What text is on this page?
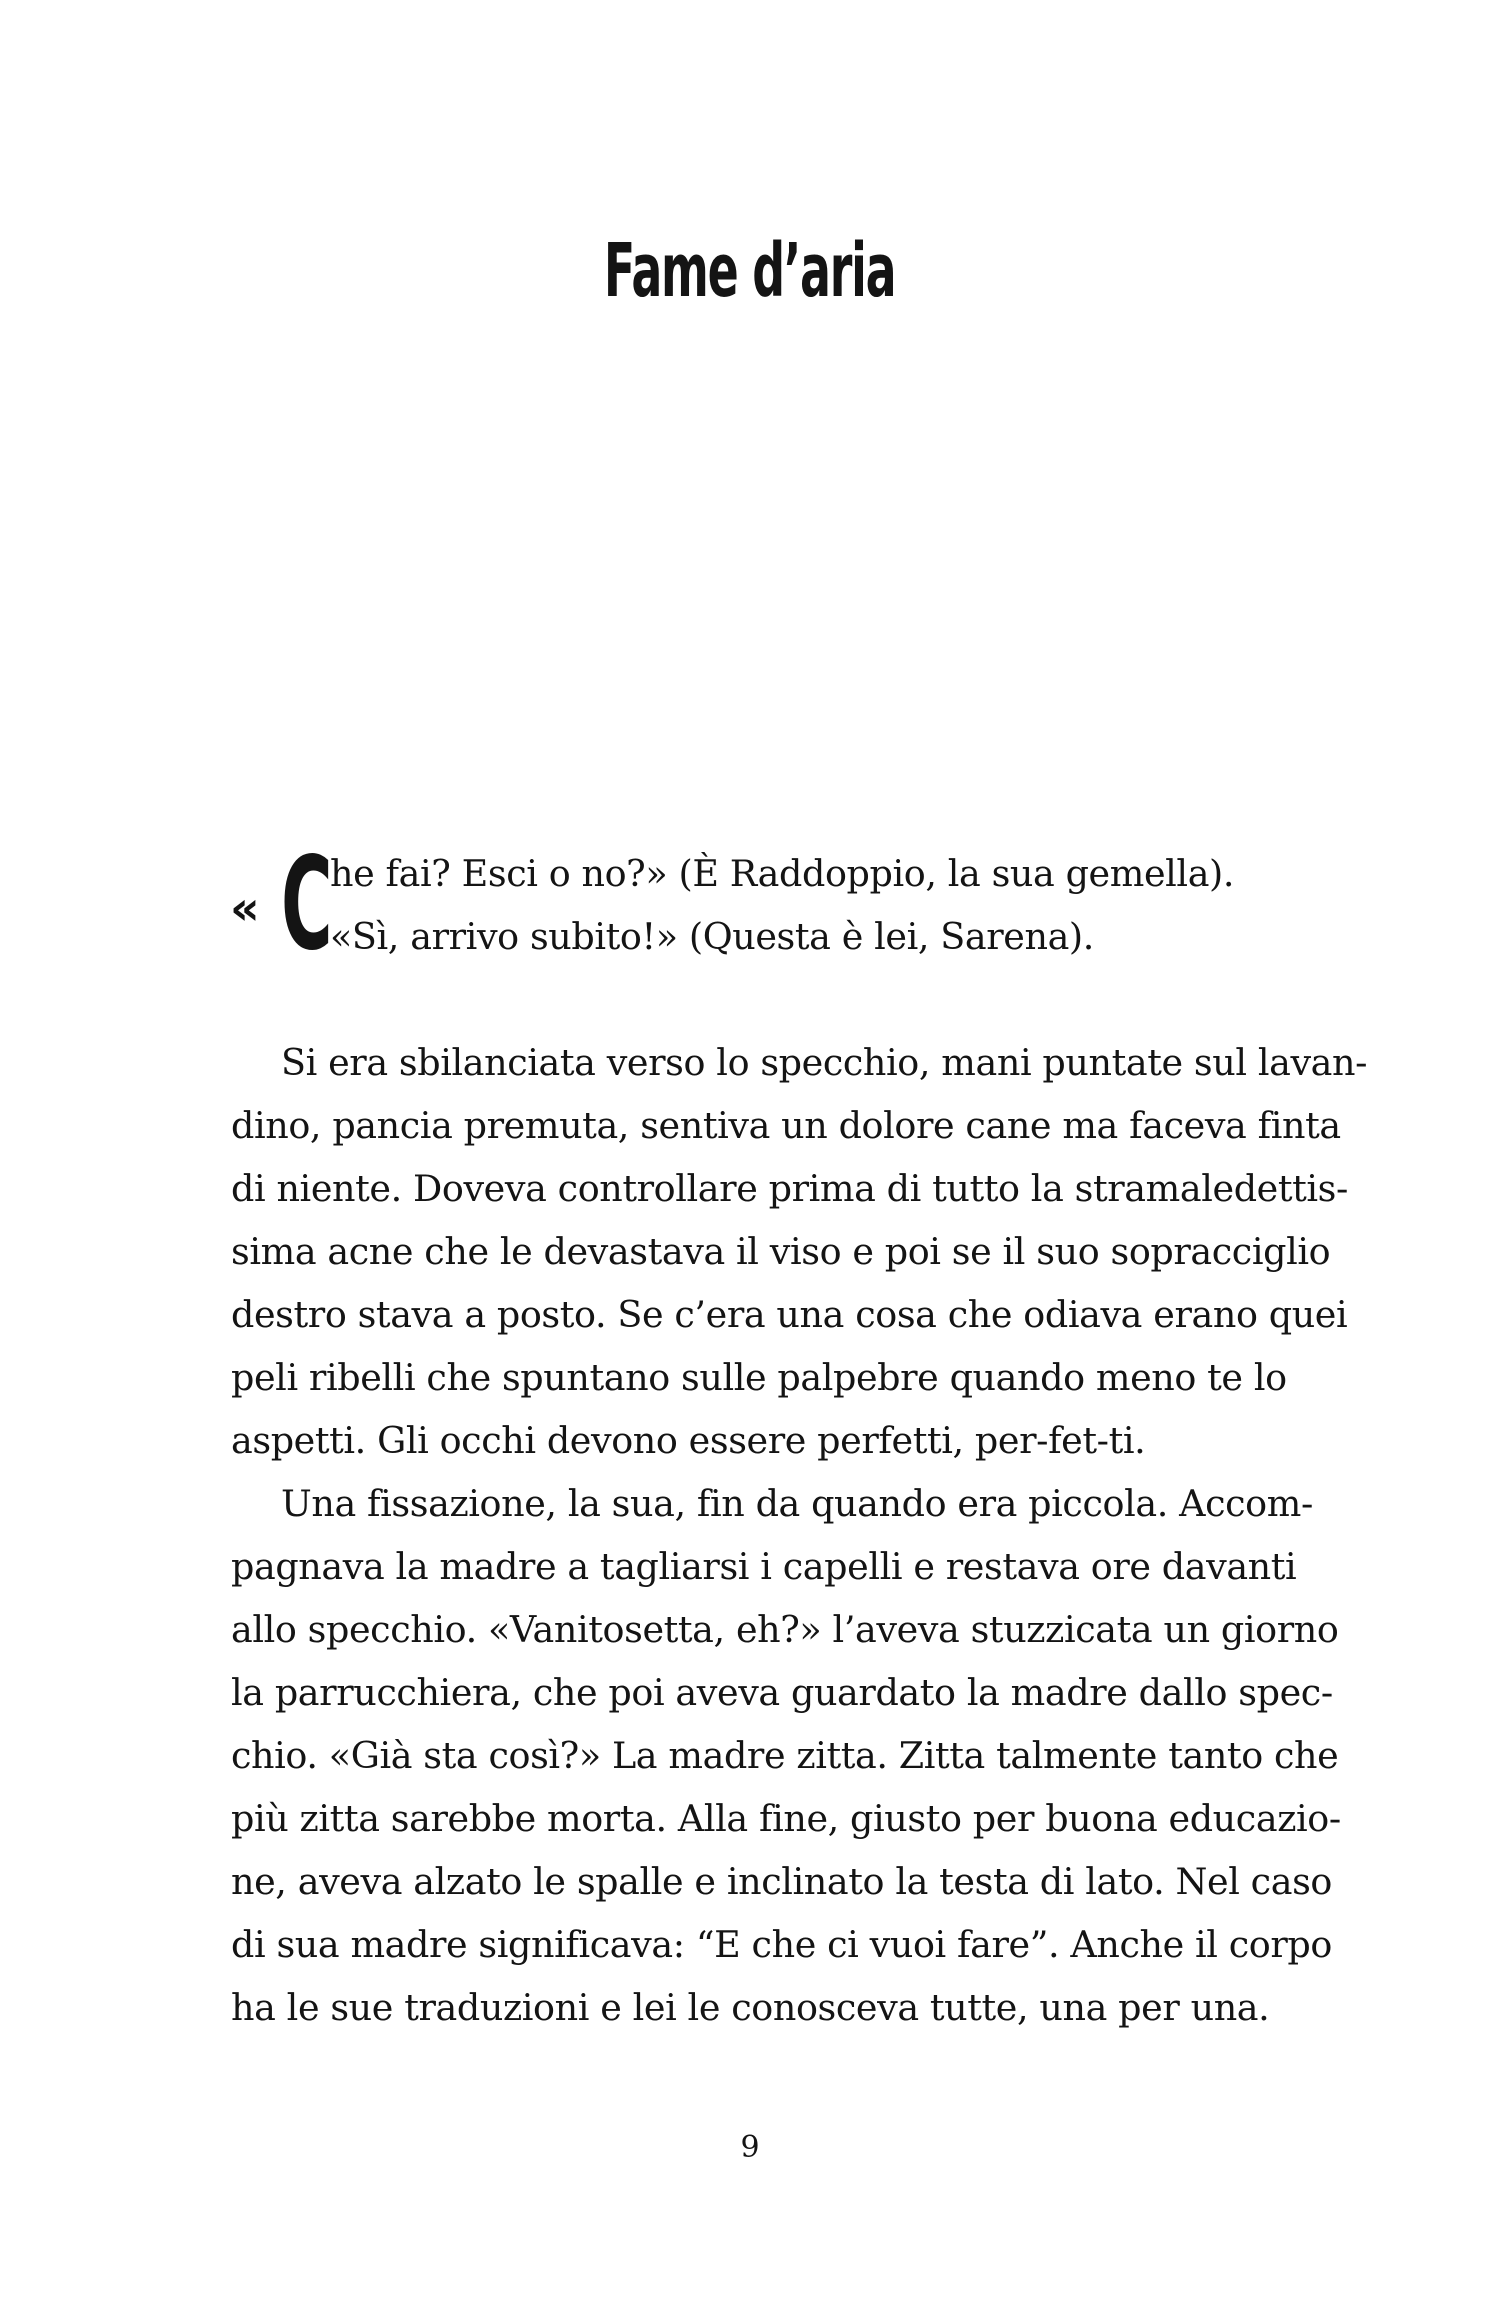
Fame d’aria
« C
he fai? Esci o no?» (È Raddoppio, la sua gemella).
«Sì, arrivo subito!» (Questa è lei, Sarena).
Si era sbilanciata verso lo specchio, mani puntate sul lavan-
dino, pancia premuta, sentiva un dolore cane ma faceva finta
di niente. Doveva controllare prima di tutto la stramaledettis-
sima acne che le devastava il viso e poi se il suo sopracciglio
destro stava a posto. Se c’era una cosa che odiava erano quei
peli ribelli che spuntano sulle palpebre quando meno te lo
aspetti. Gli occhi devono essere perfetti, per-fet-ti.
Una fissazione, la sua, fin da quando era piccola. Accom-
pagnava la madre a tagliarsi i capelli e restava ore davanti
allo specchio. «Vanitosetta, eh?» l’aveva stuzzicata un giorno
la parrucchiera, che poi aveva guardato la madre dallo spec-
chio. «Già sta così?» La madre zitta. Zitta talmente tanto che
più zitta sarebbe morta. Alla fine, giusto per buona educazio-
ne, aveva alzato le spalle e inclinato la testa di lato. Nel caso
di sua madre significava: “E che ci vuoi fare”. Anche il corpo
ha le sue traduzioni e lei le conosceva tutte, una per una.
9
